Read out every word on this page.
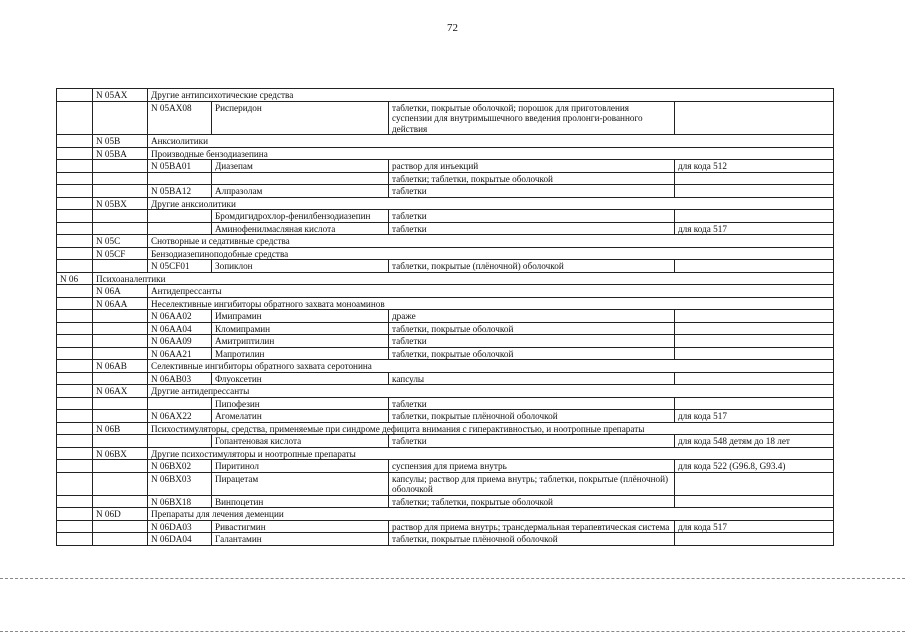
72
	N 05AX	Другие антипсихотические средства			
		N 05AX08	Рисперидон	таблетки, покрытые оболочкой; порошок для приготовления суспензии для внутримышечного введения пролонги-рованного действия	
	N 05B	Анксиолитики			
	N 05BA	Производные бензодиазепина			
		N 05BA01	Диазепам	раствор для инъекций	для кода 512
				таблетки; таблетки, покрытые оболочкой	
		N 05BA12	Алпразолам	таблетки	
	N 05BX	Другие анксиолитики			
			Бромдигидрохлор-фенилбензодиазепин	таблетки	
			Аминофенилмасляная кислота	таблетки	для кода 517
	N 05C	Снотворные и седативные средства			
	N 05CF	Бензодиазепиноподобные средства			
		N 05CF01	Зопиклон	таблетки, покрытые (плёночной) оболочкой	
N 06	Психоаналептики				
	N 06A	Антидепрессанты			
	N 06AA	Неселективные ингибиторы обратного захвата моноаминов			
		N 06AA02	Имипрамин	драже	
		N 06AA04	Кломипрамин	таблетки, покрытые оболочкой	
		N 06AA09	Амитриптилин	таблетки	
		N 06AA21	Мапротилин	таблетки, покрытые оболочкой	
	N 06AB	Селективные ингибиторы обратного захвата серотонина			
		N 06AB03	Флуоксетин	капсулы	
	N 06AX	Другие антидепрессанты			
			Пипофезин	таблетки	
		N 06AX22	Агомелатин	таблетки, покрытые плёночной оболочкой	для кода 517
	N 06B	Психостимуляторы, средства, применяемые при синдроме дефицита внимания с гиперактивностью, и ноотропные препараты			
			Гопантеновая кислота	таблетки	для кода 548 детям до 18 лет
	N 06BX	Другие психостимуляторы и ноотропные препараты			
		N 06BX02	Пиритинол	суспензия для приема внутрь	для кода 522 (G96.8, G93.4)
		N 06BX03	Пирацетам	капсулы; раствор для приема внутрь; таблетки, покрытые (плёночной) оболочкой	
		N 06BX18	Винпоцетин	таблетки; таблетки, покрытые оболочкой	
	N 06D	Препараты для лечения деменции			
		N 06DA03	Ривастигмин	раствор для приема внутрь; трансдермальная терапевтическая система	для кода 517
		N 06DA04	Галантамин	таблетки, покрытые плёночной оболочкой	
